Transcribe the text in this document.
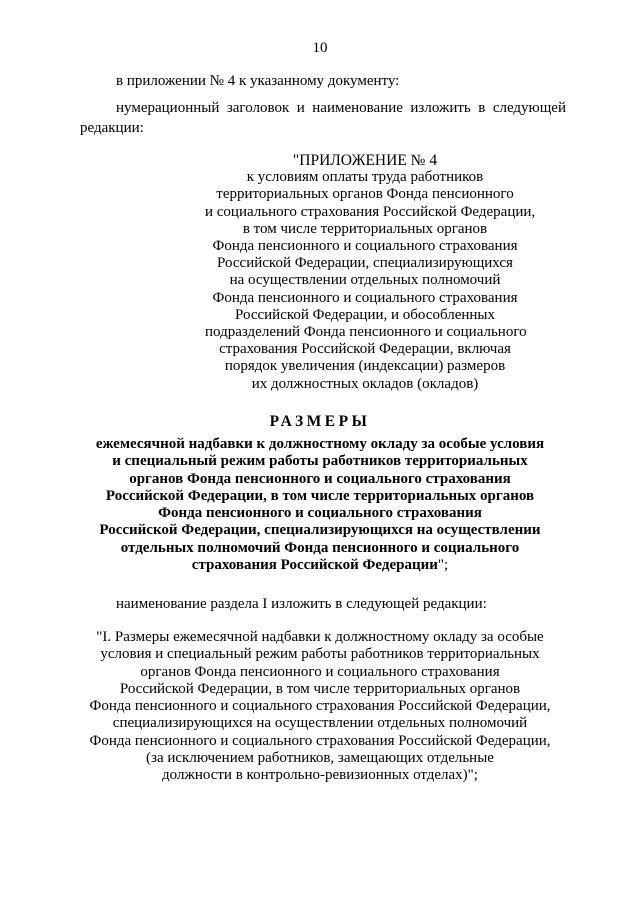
10

в приложении № 4 к указанному документу:

нумерационный заголовок и наименование изложить в следующей

редакции:

"ПРИЛОЖЕНИЕ № 4
к условиям оплаты труда работников
территориальных органов Фонда пенсионного
и социального страхования Российской Федерации,
в том числе территориальных органов
Фонда пенсионного и социального страхования
Российской Федерации, специализирующихся
на осуществлении отдельных полномочий
Фонда пенсионного и социального страхования
Российской Федерации, и обособленных
подразделений Фонда пенсионного и социального
страхования Российской Федерации, включая
порядок увеличения (индексации) размеров
их должностных окладов (окладов)
РАЗМЕРЫ
ежемесячной надбавки к должностному окладу за особые условия
и специальный режим работы работников территориальных
органов Фонда пенсионного и социального страхования
Российской Федерации, в том числе территориальных органов
Фонда пенсионного и социального страхования
Российской Федерации, специализирующихся на осуществлении
отдельных полномочий Фонда пенсионного и социального
страхования Российской Федерации";
наименование раздела I изложить в следующей редакции:
"I. Размеры ежемесячной надбавки к должностному окладу за особые
условия и специальный режим работы работников территориальных
органов Фонда пенсионного и социального страхования
Российской Федерации, в том числе территориальных органов
Фонда пенсионного и социального страхования Российской Федерации,
специализирующихся на осуществлении отдельных полномочий
Фонда пенсионного и социального страхования Российской Федерации,
(за исключением работников, замещающих отдельные
должности в контрольно-ревизионных отделах)";
